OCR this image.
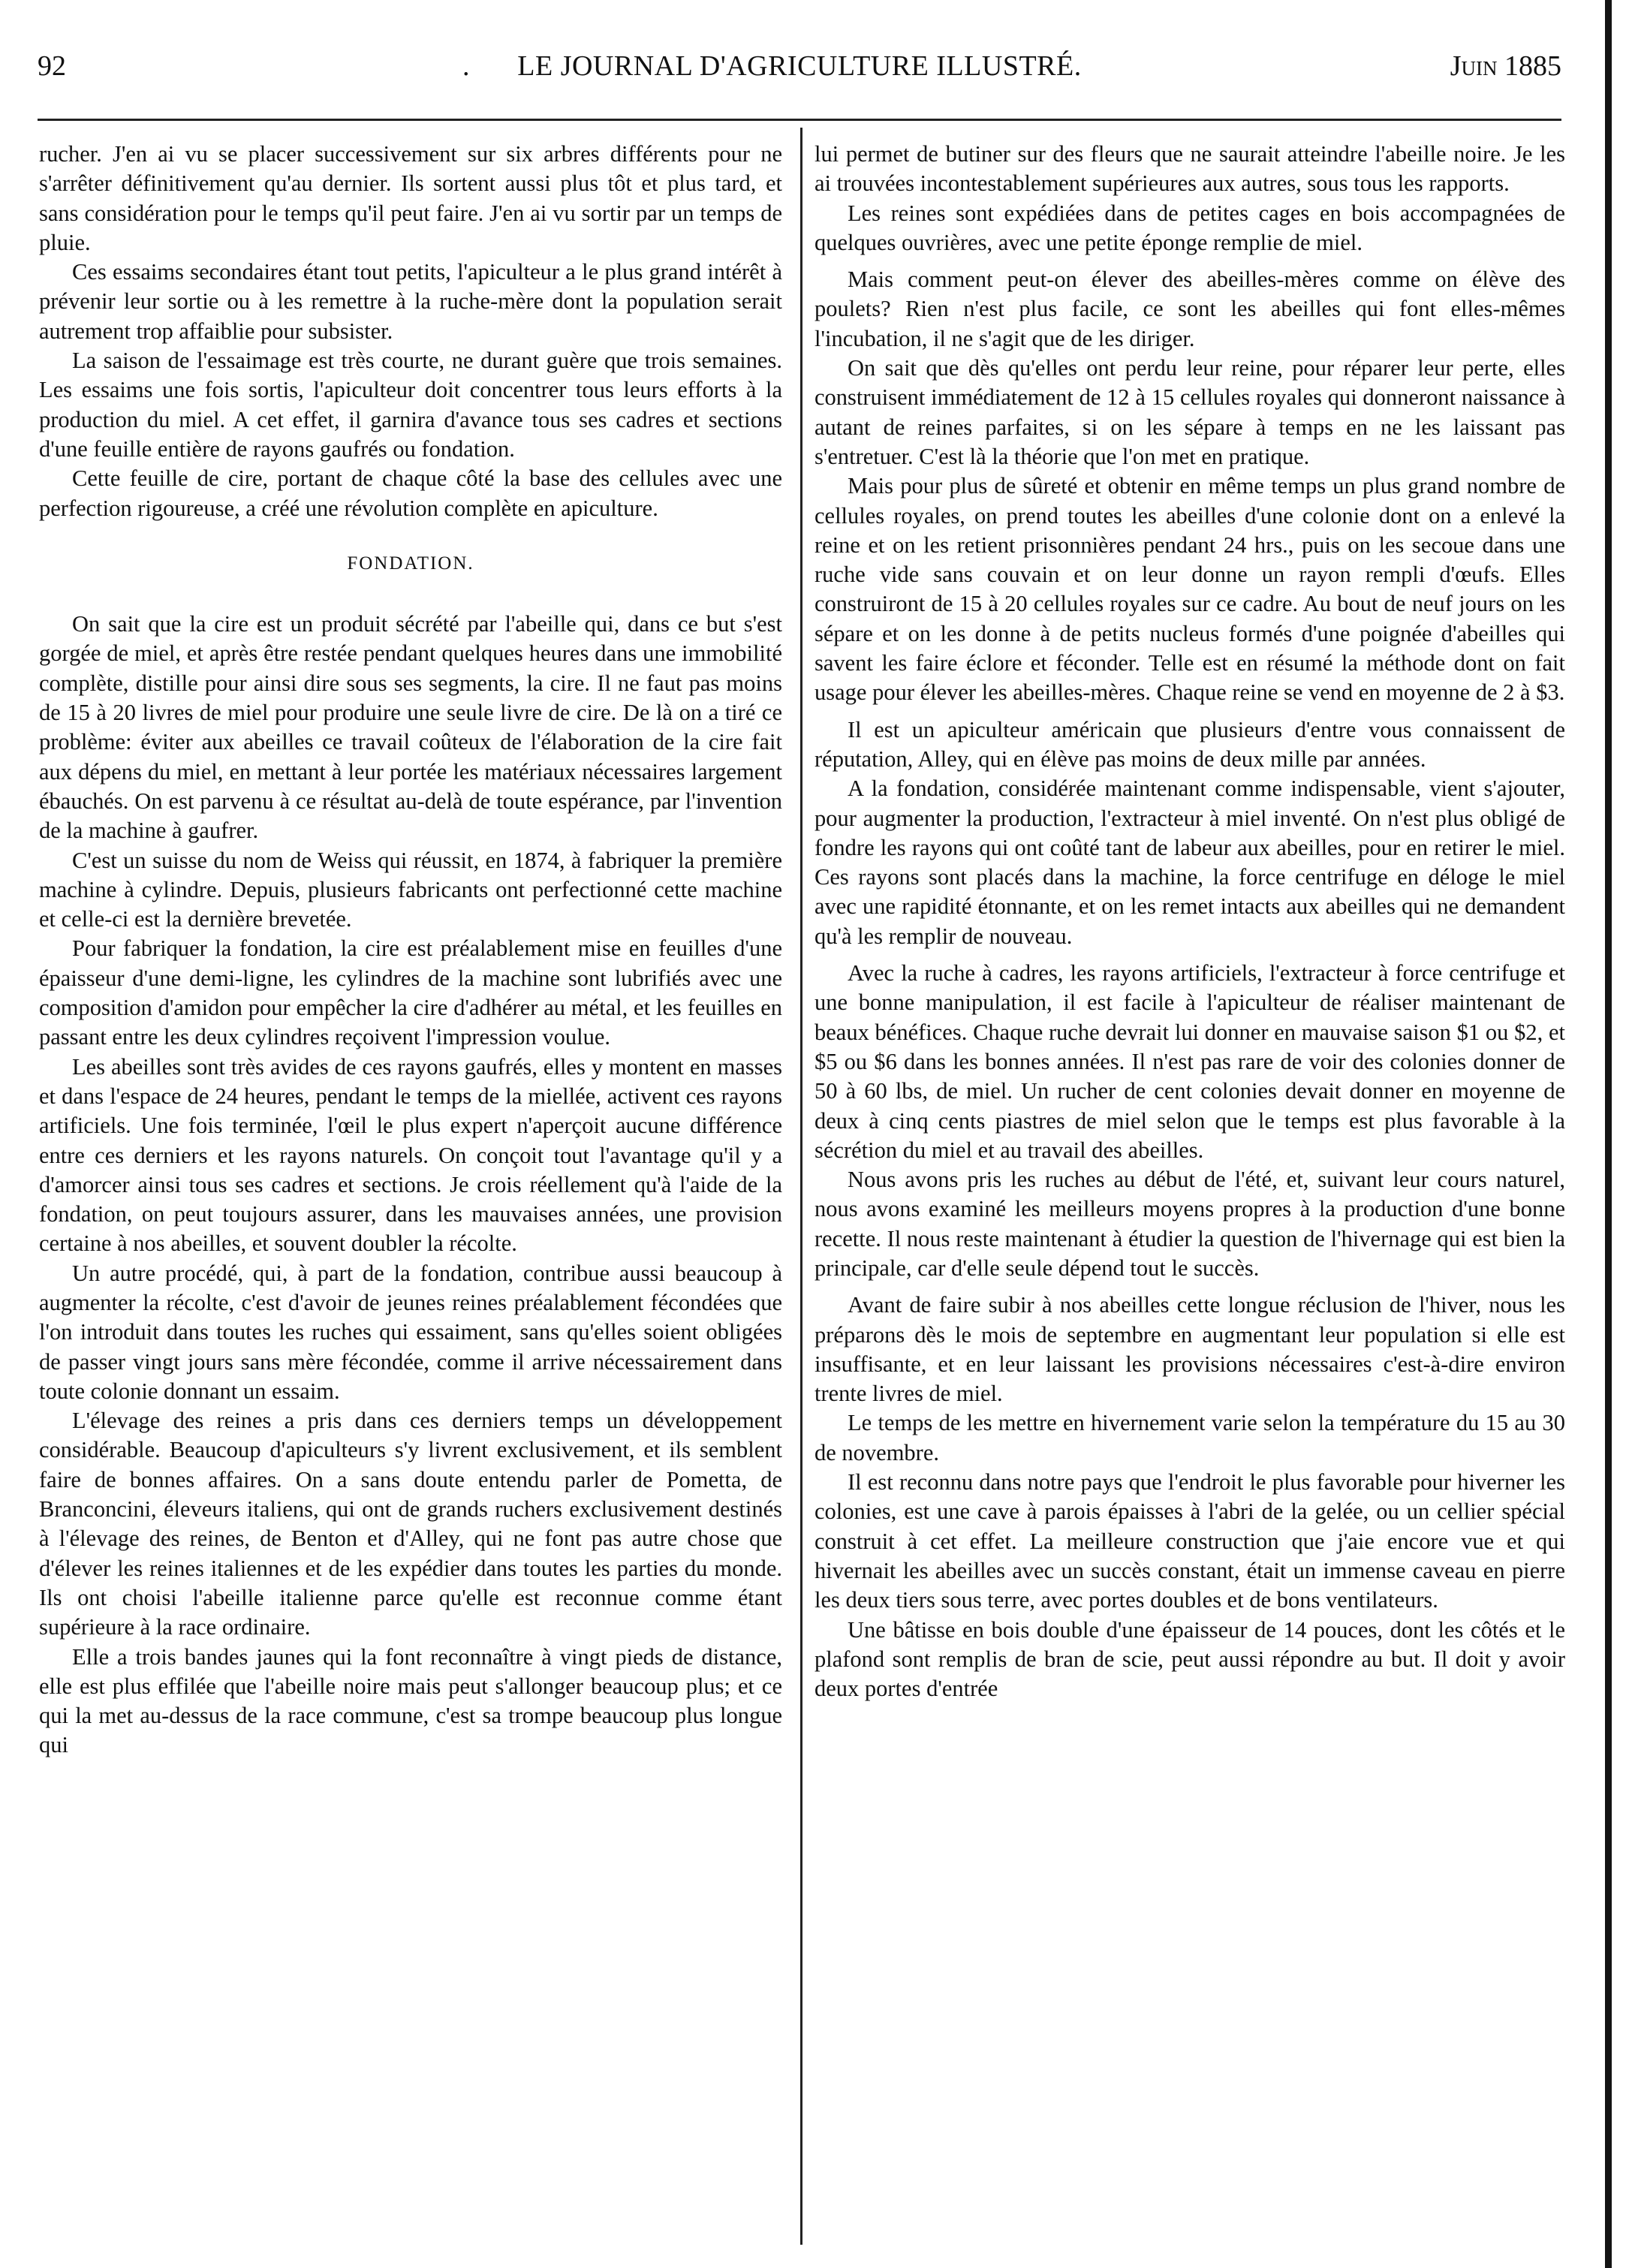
92	.	LE JOURNAL D'AGRICULTURE ILLUSTRÉ.	Juin 1885

rucher. J'en ai vu se placer successivement sur six arbres différents pour ne s'arrêter définitivement qu'au dernier. Ils sortent aussi plus tôt et plus tard, et sans considération pour le temps qu'il peut faire. J'en ai vu sortir par un temps de pluie.

Ces essaims secondaires étant tout petits, l'apiculteur a le plus grand intérêt à prévenir leur sortie ou à les remettre à la ruche-mère dont la population serait autrement trop affaiblie pour subsister.

La saison de l'essaimage est très courte, ne durant guère que trois semaines. Les essaims une fois sortis, l'apiculteur doit concentrer tous leurs efforts à la production du miel. A cet effet, il garnira d'avance tous ses cadres et sections d'une feuille entière de rayons gaufrés ou fondation.

Cette feuille de cire, portant de chaque côté la base des cellules avec une perfection rigoureuse, a créé une révolution complète en apiculture.

FONDATION.

On sait que la cire est un produit sécrété par l'abeille qui, dans ce but s'est gorgée de miel, et après être restée pendant quelques heures dans une immobilité complète, distille pour ainsi dire sous ses segments, la cire. Il ne faut pas moins de 15 à 20 livres de miel pour produire une seule livre de cire. De là on a tiré ce problème: éviter aux abeilles ce travail coûteux de l'élaboration de la cire fait aux dépens du miel, en mettant à leur portée les matériaux nécessaires largement ébauchés. On est parvenu à ce résultat au-delà de toute espérance, par l'invention de la machine à gaufrer.

C'est un suisse du nom de Weiss qui réussit, en 1874, à fabriquer la première machine à cylindre. Depuis, plusieurs fabricants ont perfectionné cette machine et celle-ci est la dernière brevetée.

Pour fabriquer la fondation, la cire est préalablement mise en feuilles d'une épaisseur d'une demi-ligne, les cylindres de la machine sont lubrifiés avec une composition d'amidon pour empêcher la cire d'adhérer au métal, et les feuilles en passant entre les deux cylindres reçoivent l'impression voulue.

Les abeilles sont très avides de ces rayons gaufrés, elles y montent en masses et dans l'espace de 24 heures, pendant le temps de la miellée, activent ces rayons artificiels. Une fois terminée, l'œil le plus expert n'aperçoit aucune différence entre ces derniers et les rayons naturels. On conçoit tout l'avantage qu'il y a d'amorcer ainsi tous ses cadres et sections. Je crois réellement qu'à l'aide de la fondation, on peut toujours assurer, dans les mauvaises années, une provision certaine à nos abeilles, et souvent doubler la récolte.

Un autre procédé, qui, à part de la fondation, contribue aussi beaucoup à augmenter la récolte, c'est d'avoir de jeunes reines préalablement fécondées que l'on introduit dans toutes les ruches qui essaiment, sans qu'elles soient obligées de passer vingt jours sans mère fécondée, comme il arrive nécessairement dans toute colonie donnant un essaim.

L'élevage des reines a pris dans ces derniers temps un développement considérable. Beaucoup d'apiculteurs s'y livrent exclusivement, et ils semblent faire de bonnes affaires. On a sans doute entendu parler de Pometta, de Branconcini, éleveurs italiens, qui ont de grands ruchers exclusivement destinés à l'élevage des reines, de Benton et d'Alley, qui ne font pas autre chose que d'élever les reines italiennes et de les expédier dans toutes les parties du monde. Ils ont choisi l'abeille italienne parce qu'elle est reconnue comme étant supérieure à la race ordinaire.

Elle a trois bandes jaunes qui la font reconnaître à vingt pieds de distance, elle est plus effilée que l'abeille noire mais peut s'allonger beaucoup plus; et ce qui la met au-dessus de la race commune, c'est sa trompe beaucoup plus longue qui

lui permet de butiner sur des fleurs que ne saurait atteindre l'abeille noire. Je les ai trouvées incontestablement supérieures aux autres, sous tous les rapports.

Les reines sont expédiées dans de petites cages en bois accompagnées de quelques ouvrières, avec une petite éponge remplie de miel.

Mais comment peut-on élever des abeilles-mères comme on élève des poulets? Rien n'est plus facile, ce sont les abeilles qui font elles-mêmes l'incubation, il ne s'agit que de les diriger.

On sait que dès qu'elles ont perdu leur reine, pour réparer leur perte, elles construisent immédiatement de 12 à 15 cellules royales qui donneront naissance à autant de reines parfaites, si on les sépare à temps en ne les laissant pas s'entretuer. C'est là la théorie que l'on met en pratique.

Mais pour plus de sûreté et obtenir en même temps un plus grand nombre de cellules royales, on prend toutes les abeilles d'une colonie dont on a enlevé la reine et on les retient prisonnières pendant 24 hrs., puis on les secoue dans une ruche vide sans couvain et on leur donne un rayon rempli d'œufs. Elles construiront de 15 à 20 cellules royales sur ce cadre. Au bout de neuf jours on les sépare et on les donne à de petits nucleus formés d'une poignée d'abeilles qui savent les faire éclore et féconder. Telle est en résumé la méthode dont on fait usage pour élever les abeilles-mères. Chaque reine se vend en moyenne de 2 à $3.

Il est un apiculteur américain que plusieurs d'entre vous connaissent de réputation, Alley, qui en élève pas moins de deux mille par années.

A la fondation, considérée maintenant comme indispensable, vient s'ajouter, pour augmenter la production, l'extracteur à miel inventé. On n'est plus obligé de fondre les rayons qui ont coûté tant de labeur aux abeilles, pour en retirer le miel. Ces rayons sont placés dans la machine, la force centrifuge en déloge le miel avec une rapidité étonnante, et on les remet intacts aux abeilles qui ne demandent qu'à les remplir de nouveau.

Avec la ruche à cadres, les rayons artificiels, l'extracteur à force centrifuge et une bonne manipulation, il est facile à l'apiculteur de réaliser maintenant de beaux bénéfices. Chaque ruche devrait lui donner en mauvaise saison $1 ou $2, et $5 ou $6 dans les bonnes années. Il n'est pas rare de voir des colonies donner de 50 à 60 lbs, de miel. Un rucher de cent colonies devait donner en moyenne de deux à cinq cents piastres de miel selon que le temps est plus favorable à la sécrétion du miel et au travail des abeilles.

Nous avons pris les ruches au début de l'été, et, suivant leur cours naturel, nous avons examiné les meilleurs moyens propres à la production d'une bonne recette. Il nous reste maintenant à étudier la question de l'hivernage qui est bien la principale, car d'elle seule dépend tout le succès.

Avant de faire subir à nos abeilles cette longue réclusion de l'hiver, nous les préparons dès le mois de septembre en augmentant leur population si elle est insuffisante, et en leur laissant les provisions nécessaires c'est-à-dire environ trente livres de miel.

Le temps de les mettre en hivernement varie selon la température du 15 au 30 de novembre.

Il est reconnu dans notre pays que l'endroit le plus favorable pour hiverner les colonies, est une cave à parois épaisses à l'abri de la gelée, ou un cellier spécial construit à cet effet. La meilleure construction que j'aie encore vue et qui hivernait les abeilles avec un succès constant, était un immense caveau en pierre les deux tiers sous terre, avec portes doubles et de bons ventilateurs.

Une bâtisse en bois double d'une épaisseur de 14 pouces, dont les côtés et le plafond sont remplis de bran de scie, peut aussi répondre au but. Il doit y avoir deux portes d'entrée
